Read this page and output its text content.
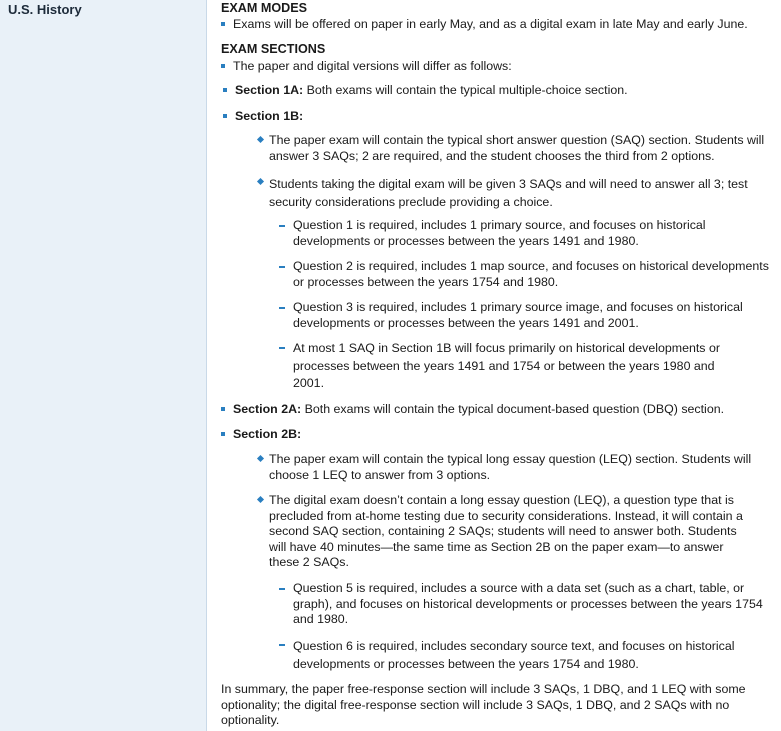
U.S. History	EXAM MODES
Exams will be offered on paper in early May, and as a digital exam in late May and early June.
EXAM SECTIONS
The paper and digital versions will differ as follows:
Section 1A: Both exams will contain the typical multiple-choice section.
Section 1B:
The paper exam will contain the typical short answer question (SAQ) section. Students will answer 3 SAQs; 2 are required, and the student chooses the third from 2 options.
Students taking the digital exam will be given 3 SAQs and will need to answer all 3; test security considerations preclude providing a choice.
Question 1 is required, includes 1 primary source, and focuses on historical developments or processes between the years 1491 and 1980.
Question 2 is required, includes 1 map source, and focuses on historical developments or processes between the years 1754 and 1980.
Question 3 is required, includes 1 primary source image, and focuses on historical developments or processes between the years 1491 and 2001.
At most 1 SAQ in Section 1B will focus primarily on historical developments or processes between the years 1491 and 1754 or between the years 1980 and 2001.
Section 2A: Both exams will contain the typical document-based question (DBQ) section.
Section 2B:
The paper exam will contain the typical long essay question (LEQ) section. Students will choose 1 LEQ to answer from 3 options.
The digital exam doesn’t contain a long essay question (LEQ), a question type that is precluded from at-home testing due to security considerations. Instead, it will contain a second SAQ section, containing 2 SAQs; students will need to answer both. Students will have 40 minutes—the same time as Section 2B on the paper exam—to answer these 2 SAQs.
Question 5 is required, includes a source with a data set (such as a chart, table, or graph), and focuses on historical developments or processes between the years 1754 and 1980.
Question 6 is required, includes secondary source text, and focuses on historical developments or processes between the years 1754 and 1980.
In summary, the paper free-response section will include 3 SAQs, 1 DBQ, and 1 LEQ with some optionality; the digital free-response section will include 3 SAQs, 1 DBQ, and 2 SAQs with no optionality.
